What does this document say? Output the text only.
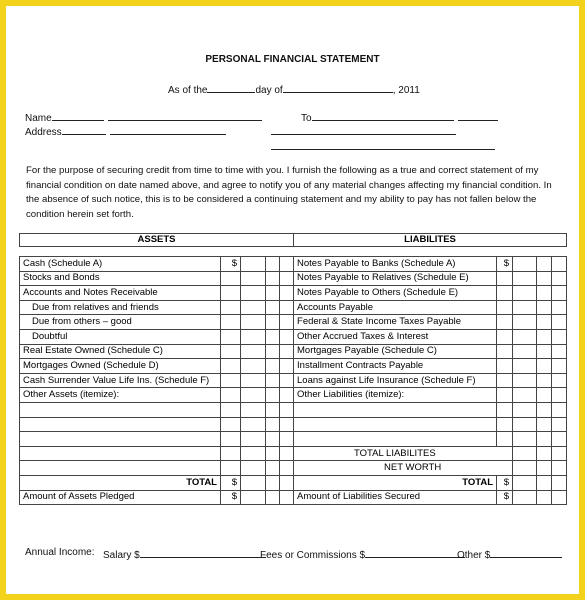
PERSONAL FINANCIAL STATEMENT
As of the	day of	, 2011
Name
Address
To
For the purpose of securing credit from time to time with you. I furnish the following as a true and correct statement of my financial condition on date named above, and agree to notify you of any material changes affecting my financial condition. In the absence of such notice, this is to be considered a continuing statement and my ability to pay has not fallen below the condition herein set forth.
ASSETS					LIABILITES				

Cash (Schedule A)	$				Notes Payable to Banks (Schedule A)	$			
Stocks and Bonds					Notes Payable to Relatives (Schedule E)				
Accounts and Notes Receivable					Notes Payable to Others (Schedule E)				
Due from relatives and friends					Accounts Payable				
Due from others – good					Federal & State Income Taxes Payable				
Doubtful					Other Accrued Taxes & Interest				
Real Estate Owned (Schedule C)					Mortgages Payable (Schedule C)				
Mortgages Owned (Schedule D)					Installment Contracts Payable				
Cash Surrender Value Life Ins. (Schedule F)					Loans against Life Insurance (Schedule F)				
Other Assets (itemize):					Other Liabilities (itemize):				

					TOTAL LIABILITES				
					NET WORTH				
TOTAL	$				TOTAL	$			
Amount of Assets Pledged	$				Amount of Liabilities Secured	$			
Annual Income: Salary $	Fees or Commissions $	Other $
